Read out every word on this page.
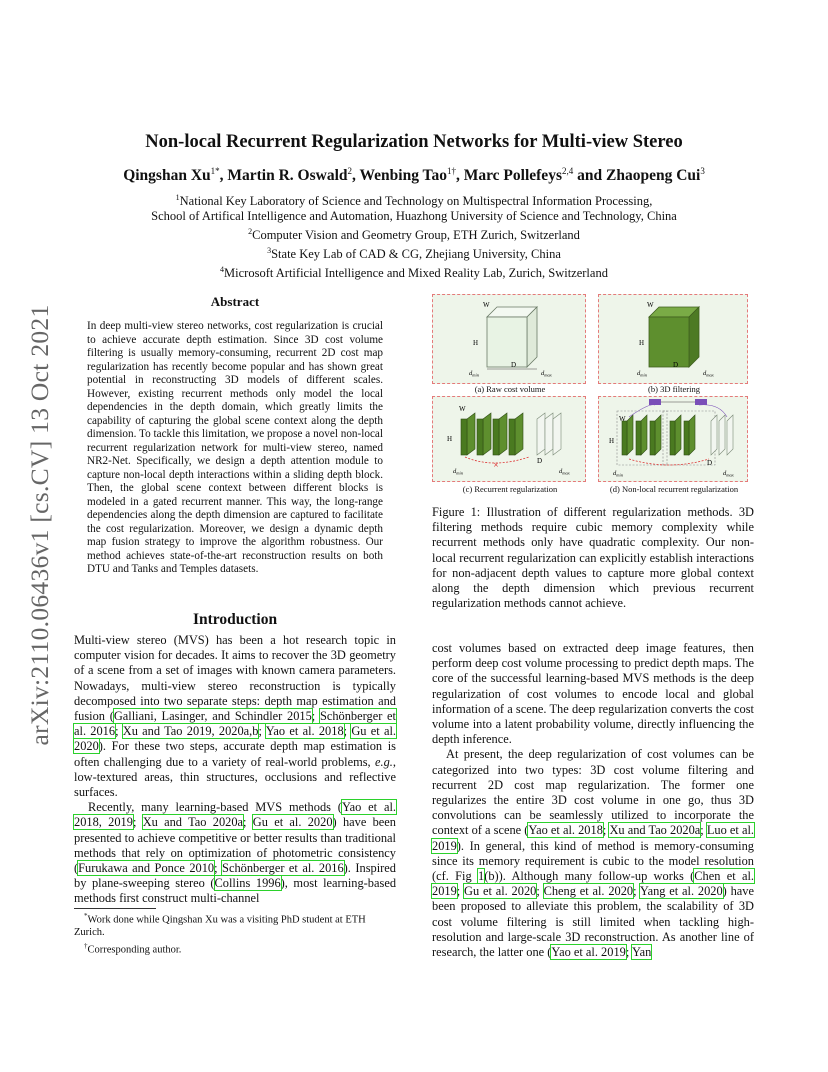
Non-local Recurrent Regularization Networks for Multi-view Stereo
Qingshan $Xu^{1*}$, Martin R. Oswald$^2$, Wenbing Tao$^{1\dagger}$, Marc Pollefeys$^{2,4}$ and Zhaopeng Cui$^3$
$^1$National Key Laboratory of Science and Technology on Multispectral Information Processing,
School of Artifical Intelligence and Automation, Huazhong University of Science and Technology, China
$^2$Computer Vision and Geometry Group, ETH Zurich, Switzerland
$^3$State Key Lab of CAD & CG, Zhejiang University, China
$^4$Microsoft Artificial Intelligence and Mixed Reality Lab, Zurich, Switzerland
arXiv:2110.06436v1 [cs.CV] 13 Oct 2021
Abstract

In deep multi-view stereo networks, cost regularization is crucial to achieve accurate depth estimation. Since 3D cost volume filtering is usually memory-consuming, recurrent 2D cost map regularization has recently become popular and has shown great potential in reconstructing 3D models of different scales. However, existing recurrent methods only model the local dependencies in the depth domain, which greatly limits the capability of capturing the global scene context along the depth dimension. To tackle this limitation, we propose a novel non-local recurrent regularization network for multi-view stereo, named NR2-Net. Specifically, we design a depth attention module to capture non-local depth interactions within a sliding depth block. Then, the global scene context between different blocks is modeled in a gated recurrent manner. This way, the long-range dependencies along the depth dimension are captured to facilitate the cost regularization. Moreover, we design a dynamic depth map fusion strategy to improve the algorithm robustness. Our method achieves state-of-the-art reconstruction results on both DTU and Tanks and Temples datasets.

Introduction

Multi-view stereo (MVS) has been a hot research topic in computer vision for decades. It aims to recover the 3D geometry of a scene from a set of images with known camera parameters. Nowadays, multi-view stereo reconstruction is typically decomposed into two separate steps: depth map estimation and fusion (Galliani, Lasinger, and Schindler 2015; Schönberger et al. 2016; Xu and Tao 2019, 2020a,b; Yao et al. 2018; Gu et al. 2020). For these two steps, accurate depth map estimation is often challenging due to a variety of real-world problems, e.g., low-textured areas, thin structures, occlusions and reflective surfaces.

Recently, many learning-based MVS methods (Yao et al. 2018, 2019; Xu and Tao 2020a; Gu et al. 2020) have been presented to achieve competitive or better results than traditional methods that rely on optimization of photometric consistency (Furukawa and Ponce 2010; Schönberger et al. 2016). Inspired by plane-sweeping stereo (Collins 1996), most learning-based methods first construct multi-channel

*Work done while Qingshan Xu was a visiting PhD student at ETH Zurich.
†Corresponding author.
W
H
D
$d_{min}$	$d_{max}$
(a) Raw cost volume
W
H
D
$d_{min}$	$d_{max}$
(b) 3D filtering
W
H
D
×
$d_{min}$	$d_{max}$
(c) Recurrent regularization
W
H
D
$d_{min}$	$d_{max}$
(d) Non-local recurrent regularization
Figure 1: Illustration of different regularization methods. 3D filtering methods require cubic memory complexity while recurrent methods only have quadratic complexity. Our non-local recurrent regularization can explicitly establish interactions for non-adjacent depth values to capture more global context along the depth dimension which previous recurrent regularization methods cannot achieve.

cost volumes based on extracted deep image features, then perform deep cost volume processing to predict depth maps. The core of the successful learning-based MVS methods is the deep regularization of cost volumes to encode local and global information of a scene. The deep regularization converts the cost volume into a latent probability volume, directly influencing the depth inference.

At present, the deep regularization of cost volumes can be categorized into two types: 3D cost volume filtering and recurrent 2D cost map regularization. The former one regularizes the entire 3D cost volume in one go, thus 3D convolutions can be seamlessly utilized to incorporate the context of a scene (Yao et al. 2018; Xu and Tao 2020a; Luo et al. 2019). In general, this kind of method is memory-consuming since its memory requirement is cubic to the model resolution (cf. Fig 1(b)). Although many follow-up works (Chen et al. 2019; Gu et al. 2020; Cheng et al. 2020; Yang et al. 2020) have been proposed to alleviate this problem, the scalability of 3D cost volume filtering is still limited when tackling high-resolution and large-scale 3D reconstruction. As another line of research, the latter one (Yao et al. 2019; Yan
